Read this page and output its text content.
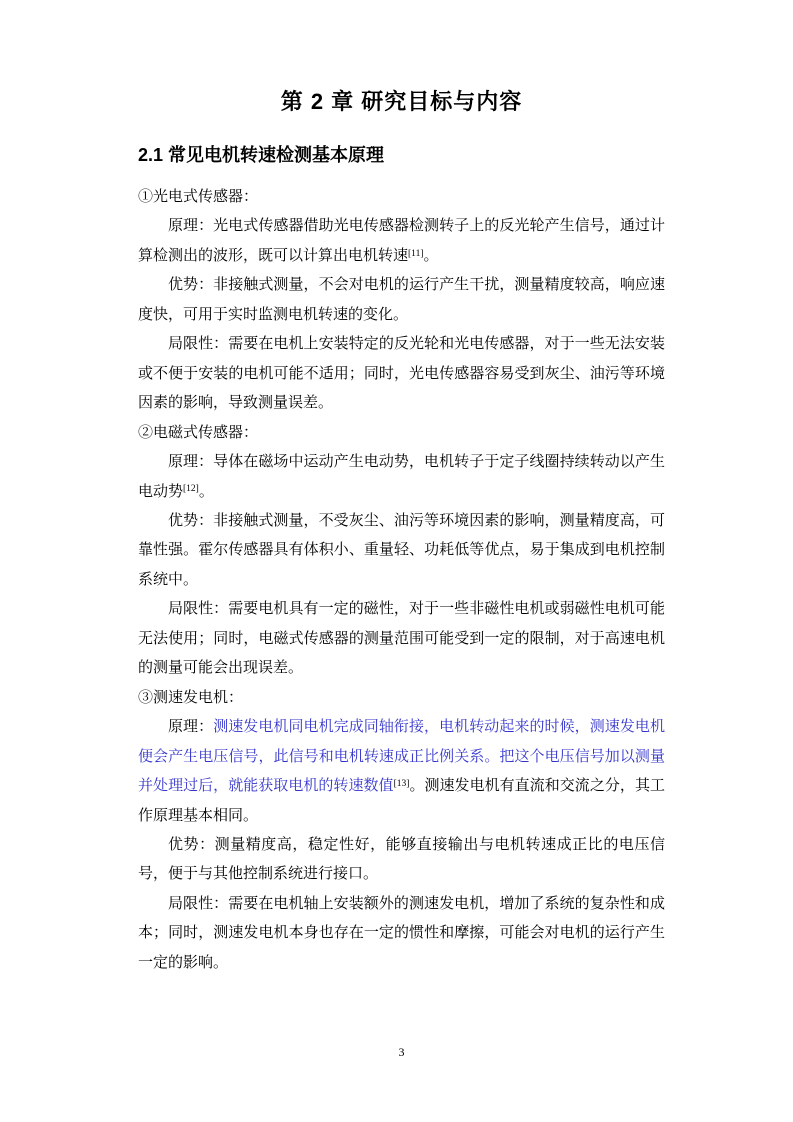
第 2 章 研究目标与内容
2.1 常见电机转速检测基本原理

①光电式传感器：

原理：光电式传感器借助光电传感器检测转子上的反光轮产生信号，通过计算检测出的波形，既可以计算出电机转速[11]。

优势：非接触式测量，不会对电机的运行产生干扰，测量精度较高，响应速度快，可用于实时监测电机转速的变化。

局限性：需要在电机上安装特定的反光轮和光电传感器，对于一些无法安装或不便于安装的电机可能不适用；同时，光电传感器容易受到灰尘、油污等环境因素的影响，导致测量误差。

②电磁式传感器：

原理：导体在磁场中运动产生电动势，电机转子于定子线圈持续转动以产生电动势[12]。

优势：非接触式测量，不受灰尘、油污等环境因素的影响，测量精度高，可靠性强。霍尔传感器具有体积小、重量轻、功耗低等优点，易于集成到电机控制系统中。

局限性：需要电机具有一定的磁性，对于一些非磁性电机或弱磁性电机可能无法使用；同时，电磁式传感器的测量范围可能受到一定的限制，对于高速电机的测量可能会出现误差。

③测速发电机：

原理：测速发电机同电机完成同轴衔接，电机转动起来的时候，测速发电机便会产生电压信号，此信号和电机转速成正比例关系。把这个电压信号加以测量并处理过后，就能获取电机的转速数值[13]。测速发电机有直流和交流之分，其工作原理基本相同。

优势：测量精度高，稳定性好，能够直接输出与电机转速成正比的电压信号，便于与其他控制系统进行接口。

局限性：需要在电机轴上安装额外的测速发电机，增加了系统的复杂性和成本；同时，测速发电机本身也存在一定的惯性和摩擦，可能会对电机的运行产生一定的影响。

3
